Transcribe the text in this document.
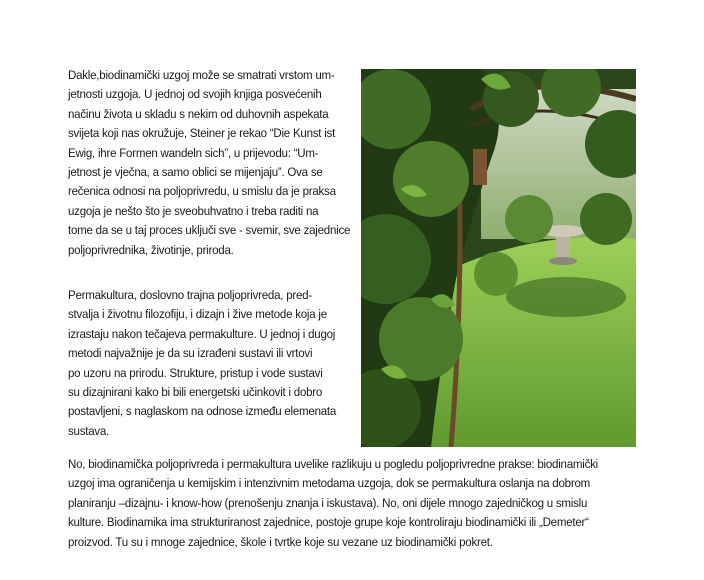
Dakle,biodinamički uzgoj može se smatrati vrstom um-
jetnosti uzgoja. U jednoj od svojih knjiga posvećenih
načinu života u skladu s nekim od duhovnih aspekata
svijeta koji nas okružuje, Steiner je rekao “Die Kunst ist
Ewig, ihre Formen wandeln sich”, u prijevodu: “Um-
jetnost je vječna, a samo oblici se mijenjaju”. Ova se
rečenica odnosi na poljoprivredu, u smislu da je praksa
uzgoja je nešto što je sveobuhvatno i treba raditi na
tome da se u taj proces uključi sve - svemir, sve zajednice
poljoprivrednika, životinje, priroda.
Permakultura, doslovno trajna poljoprivreda, pred-
stvalja i životnu filozofiju, i dizajn i žive metode koja je
izrastaju nakon tečajeva permakulture. U jednoj i dugoj
metodi najvažnije je da su izrađeni sustavi ili vrtovi
po uzoru na prirodu. Strukture, pristup i vode sustavi
su dizajnirani kako bi bili energetski učinkovit i dobro
postavljeni, s naglaskom na odnose između elemenata
sustava.
No, biodinamička poljoprivreda i permakultura uvelike razlikuju u pogledu poljoprivredne prakse: biodinamički
uzgoj ima ograničenja u kemijskim i intenzivnim metodama uzgoja, dok se permakultura oslanja na dobrom
planiranju –dizajnu- i know-how (prenošenju znanja i iskustava). No, oni dijele mnogo zajedničkog u smislu
kulture. Biodinamika ima strukturiranost zajednice, postoje grupe koje kontroliraju biodinamički ili „Demeter“
proizvod. Tu su i mnoge zajednice, škole i tvrtke koje su vezane uz biodinamički pokret.
